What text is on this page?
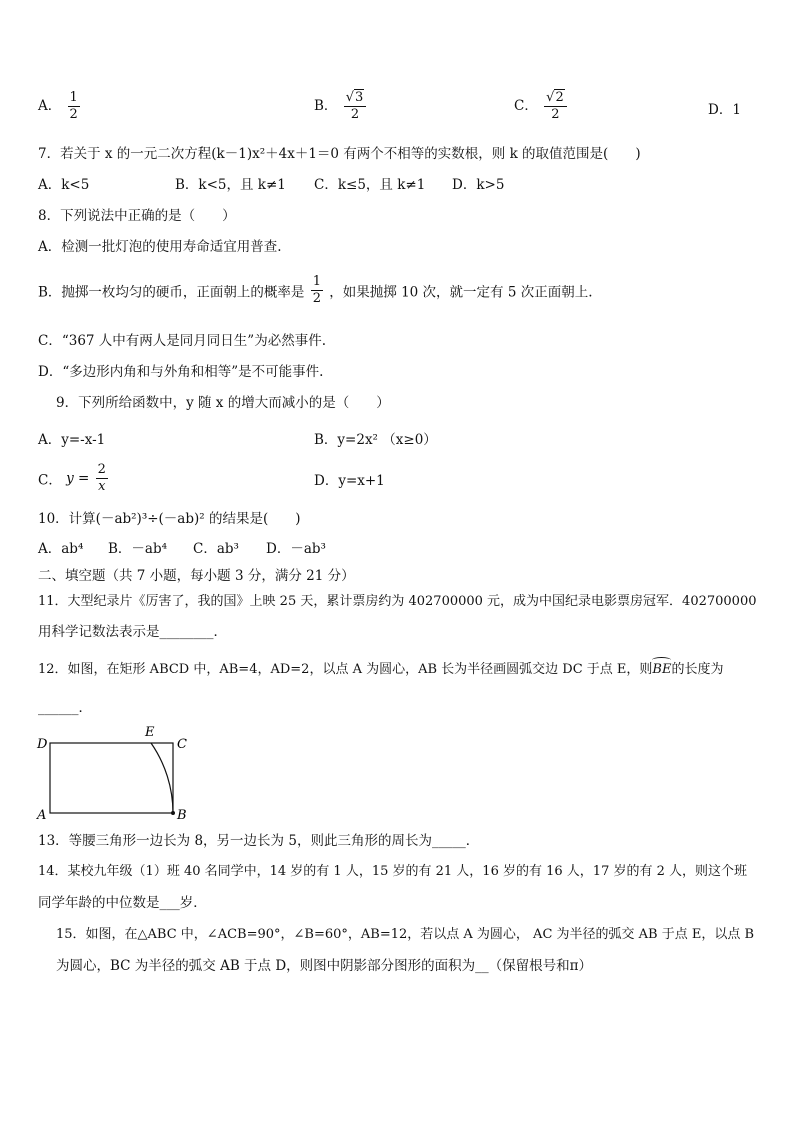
A． $\frac{1}{2}$	B． $\frac{√3}{2}$	C． $\frac{√2}{2}$	D．1
7．若关于 x 的一元二次方程(k－1)x²＋4x＋1＝0 有两个不相等的实数根，则 k 的取值范围是(　　)
A．k<5	B．k<5，且 k≠1 C．k≤5，且 k≠1 D．k>5
8．下列说法中正确的是（　　）
A．检测一批灯泡的使用寿命适宜用普查.
B．抛掷一枚均匀的硬币，正面朝上的概率是 $\frac{1}{2}$ ，如果抛掷 10 次，就一定有 5 次正面朝上.
C．“367 人中有两人是同月同日生”为必然事件.
D．“多边形内角和与外角和相等”是不可能事件.
9．下列所给函数中，y 随 x 的增大而减小的是（　　）
A．y=-x-1	B．y=2x² （x≥0）
C． $y = \frac{2}{x}$	D．y=x+1
10．计算(－ab²)³÷(－ab)² 的结果是(　　)
A．ab⁴ B．－ab⁴ C．ab³ D．－ab³
二、填空题（共 7 小题，每小题 3 分，满分 21 分）
11．大型纪录片《厉害了，我的国》上映 25 天，累计票房约为 402700000 元，成为中国纪录电影票房冠军．402700000
用科学记数法表示是________．
12．如图，在矩形 ABCD 中，AB=4，AD=2，以点 A 为圆心，AB 长为半径画圆弧交边 DC 于点 E，则BE的长度为
______．
D
E
C
A	B
13．等腰三角形一边长为 8，另一边长为 5，则此三角形的周长为_____．
14．某校九年级（1）班 40 名同学中，14 岁的有 1 人，15 岁的有 21 人，16 岁的有 16 人，17 岁的有 2 人，则这个班
同学年龄的中位数是___岁．
15．如图，在△ABC 中，∠ACB=90°，∠B=60°，AB=12，若以点 A 为圆心， AC 为半径的弧交 AB 于点 E，以点 B
为圆心，BC 为半径的弧交 AB 于点 D，则图中阴影部分图形的面积为__（保留根号和π）
